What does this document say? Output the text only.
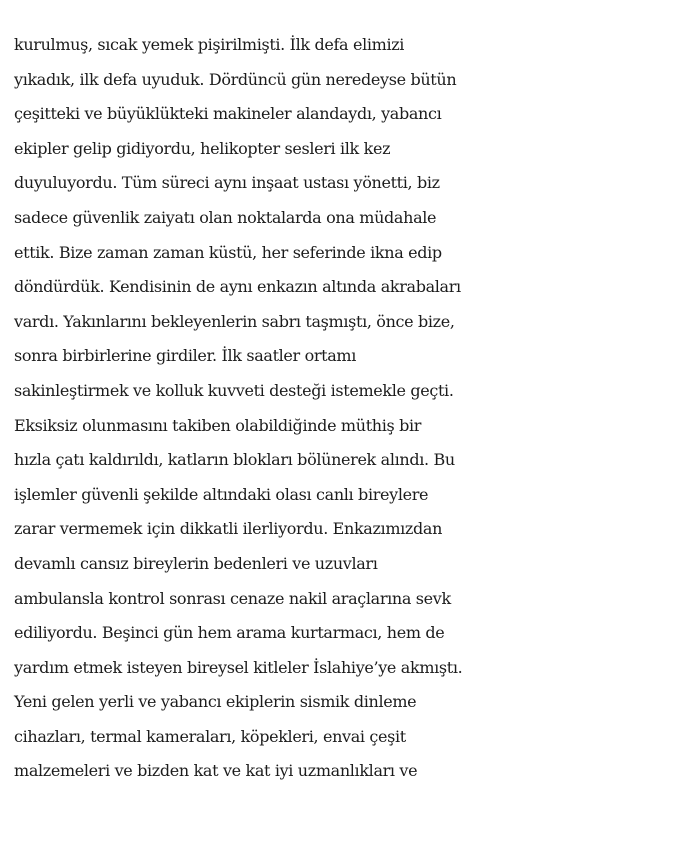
kurulmuş, sıcak yemek pişirilmişti. İlk defa elimizi
yıkadık, ilk defa uyuduk. Dördüncü gün neredeyse bütün
çeşitteki ve büyüklükteki makineler alandaydı, yabancı
ekipler gelip gidiyordu, helikopter sesleri ilk kez
duyuluyordu. Tüm süreci aynı inşaat ustası yönetti, biz
sadece güvenlik zaiyatı olan noktalarda ona müdahale
ettik. Bize zaman zaman küstü, her seferinde ikna edip
döndürdük. Kendisinin de aynı enkazın altında akrabaları
vardı. Yakınlarını bekleyenlerin sabrı taşmıştı, önce bize,
sonra birbirlerine girdiler. İlk saatler ortamı
sakinleştirmek ve kolluk kuvveti desteği istemekle geçti.
Eksiksiz olunmasını takiben olabildiğinde müthiş bir
hızla çatı kaldırıldı, katların blokları bölünerek alındı. Bu
işlemler güvenli şekilde altındaki olası canlı bireylere
zarar vermemek için dikkatli ilerliyordu. Enkazımızdan
devamlı cansız bireylerin bedenleri ve uzuvları
ambulansla kontrol sonrası cenaze nakil araçlarına sevk
ediliyordu. Beşinci gün hem arama kurtarmacı, hem de
yardım etmek isteyen bireysel kitleler İslahiye’ye akmıştı.
Yeni gelen yerli ve yabancı ekiplerin sismik dinleme
cihazları, termal kameraları, köpekleri, envai çeşit
malzemeleri ve bizden kat ve kat iyi uzmanlıkları ve
